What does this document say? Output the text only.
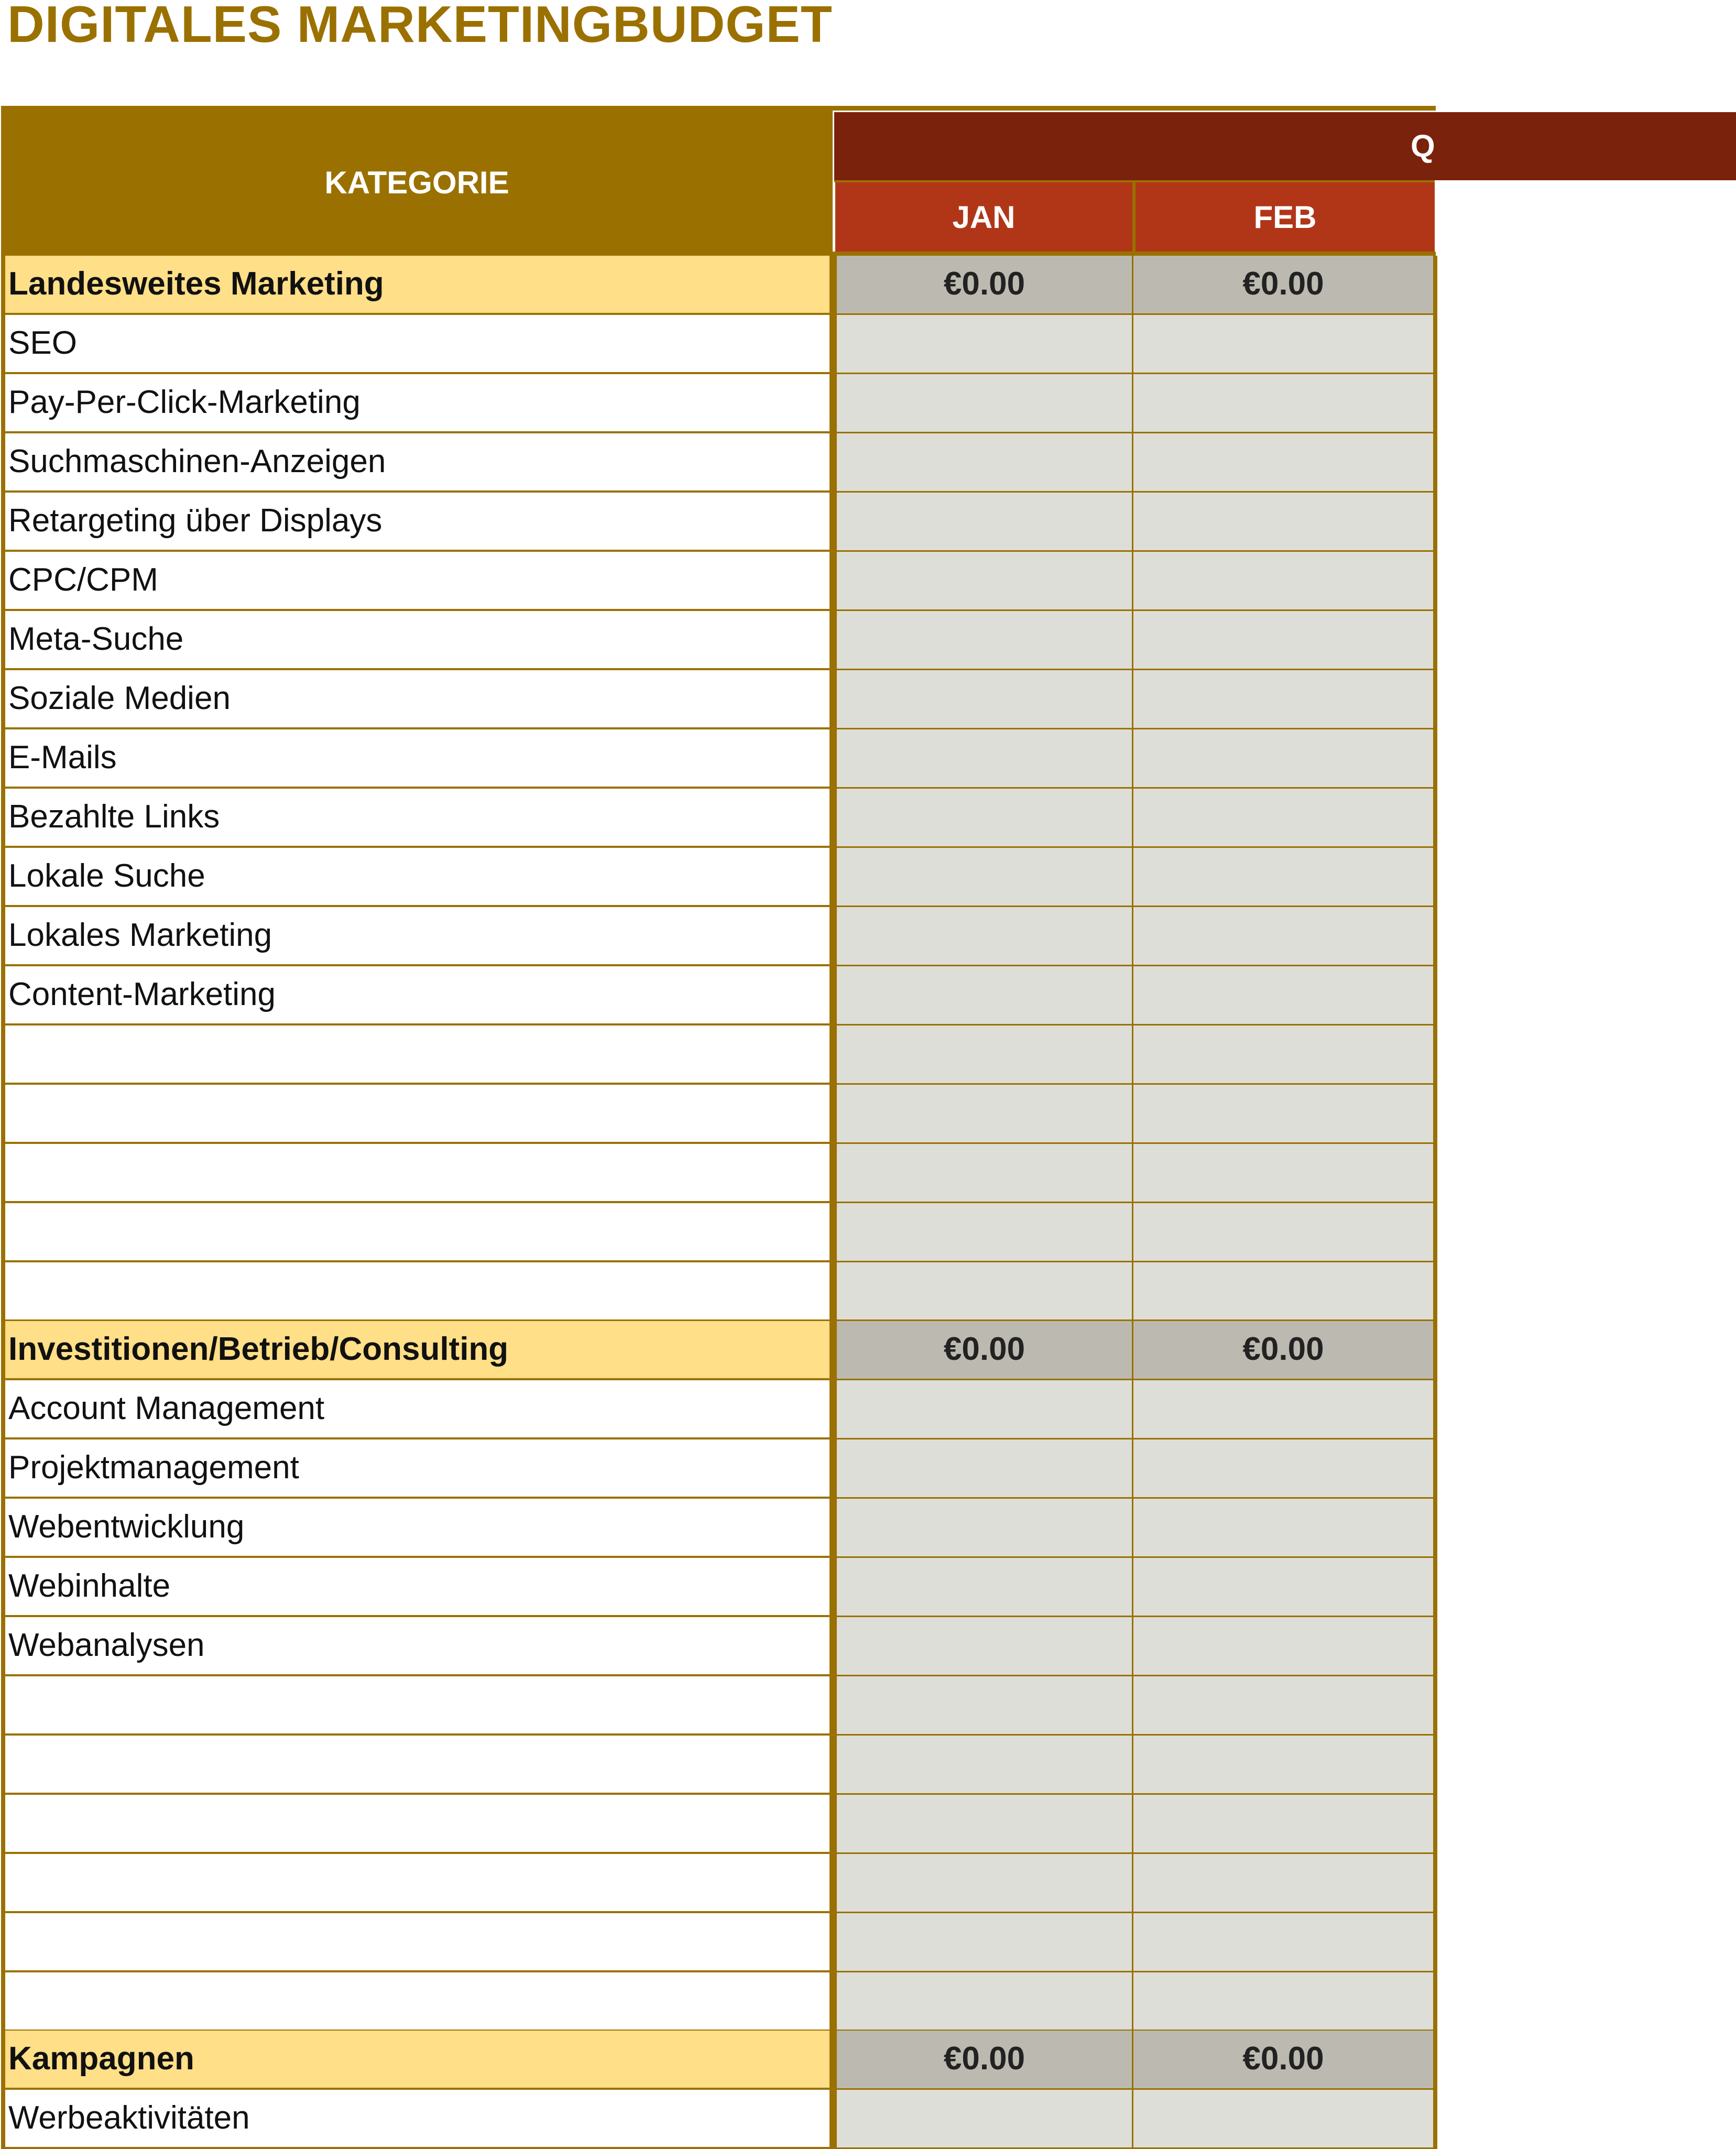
DIGITALES MARKETINGBUDGET
KATEGORIE
Q
JAN	FEB
Landesweites Marketing	€0.00	€0.00
SEO
Pay-Per-Click-Marketing
Suchmaschinen-Anzeigen
Retargeting über Displays
CPC/CPM
Meta-Suche
Soziale Medien
E-Mails
Bezahlte Links
Lokale Suche
Lokales Marketing
Content-Marketing
Investitionen/Betrieb/Consulting	€0.00	€0.00
Account Management
Projektmanagement
Webentwicklung
Webinhalte
Webanalysen
Kampagnen	€0.00	€0.00
Werbeaktivitäten
